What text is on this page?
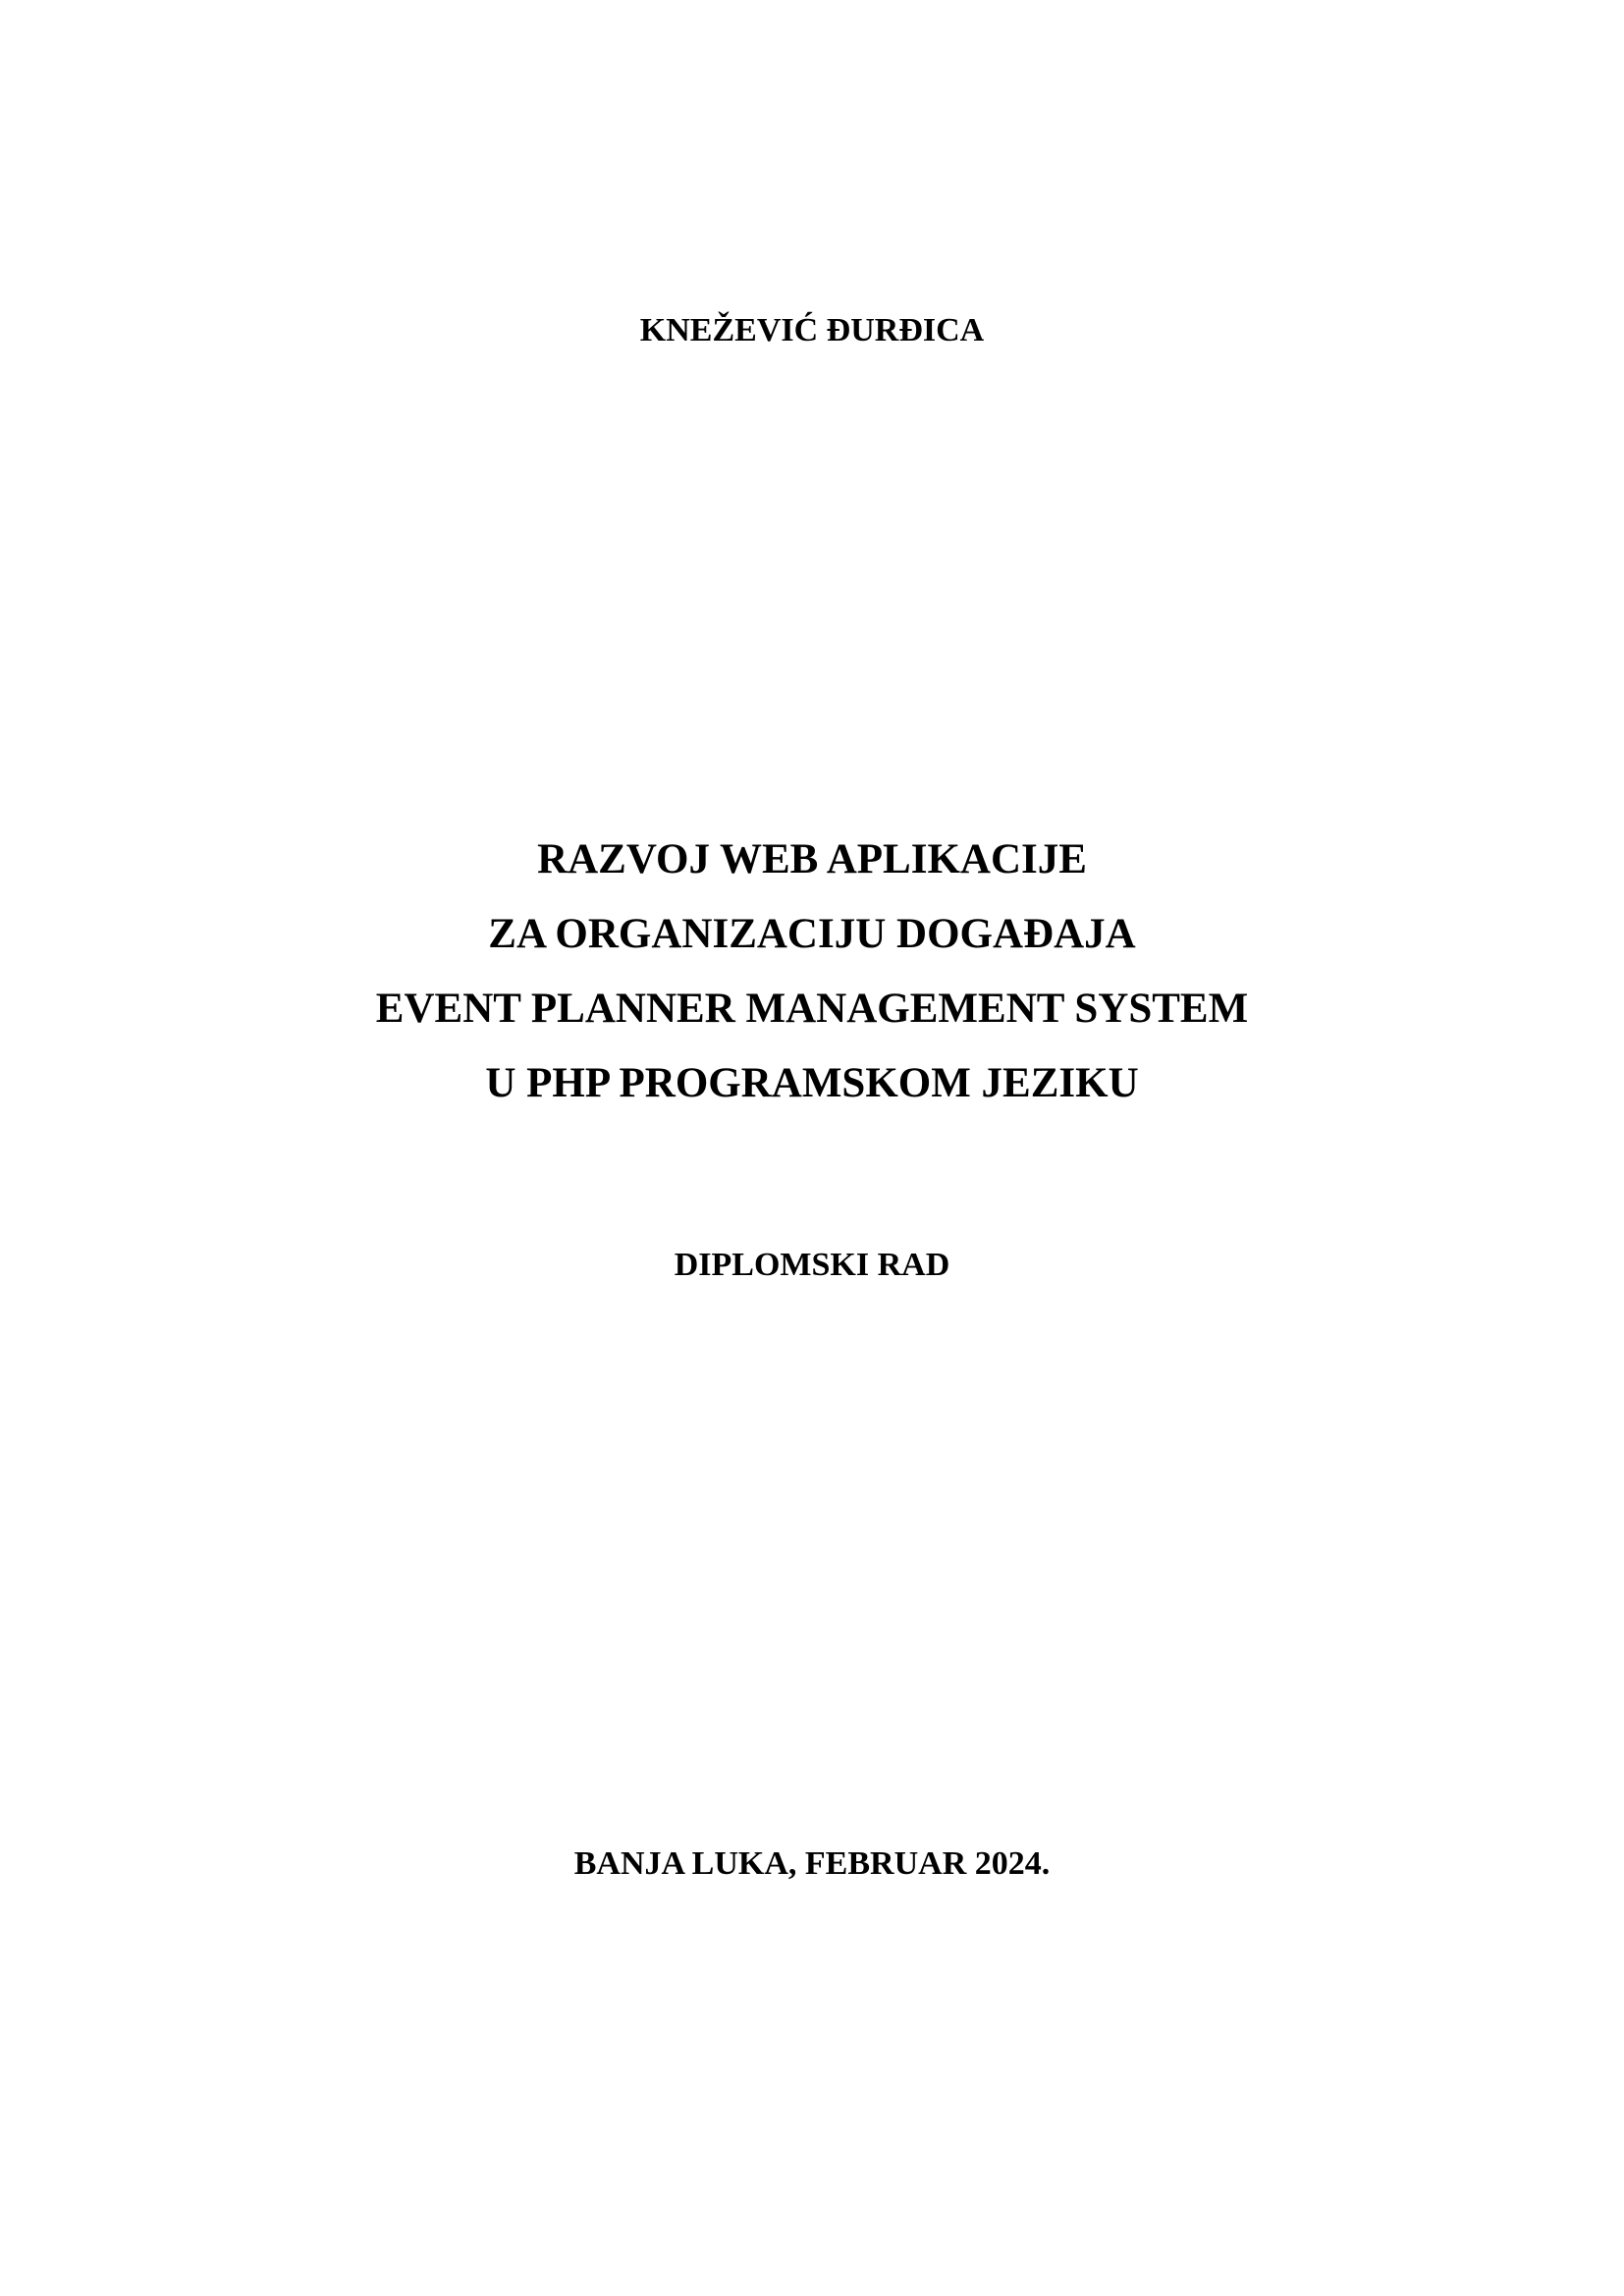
KNEŽEVIĆ ĐURĐICA
RAZVOJ WEB APLIKACIJE
ZA ORGANIZACIJU DOGAĐAJA
EVENT PLANNER MANAGEMENT SYSTEM
U PHP PROGRAMSKOM JEZIKU
DIPLOMSKI RAD
BANJA LUKA, FEBRUAR 2024.
